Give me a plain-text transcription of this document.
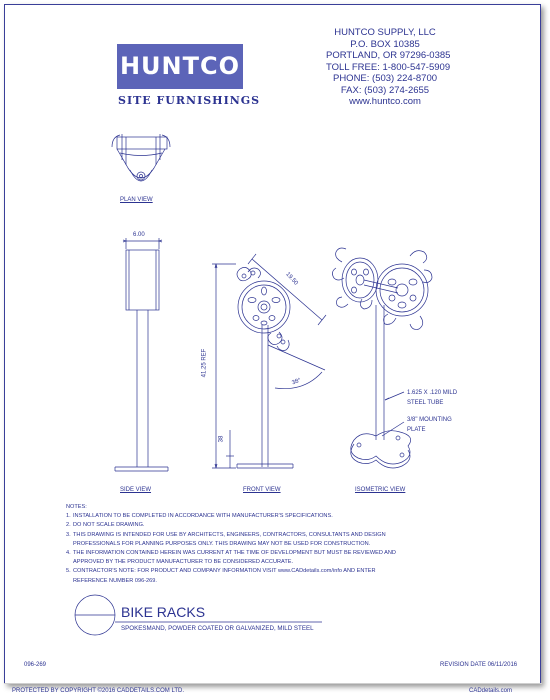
HUNTCO
SITE FURNISHINGS
HUNTCO SUPPLY, LLC
P.O. BOX 10385
PORTLAND, OR 97296-0385
TOLL FREE: 1-800-547-5909
PHONE: (503) 224-8700
FAX: (503) 274-2655
www.huntco.com
PLAN VIEW
SIDE VIEW	FRONT VIEW	ISOMETRIC VIEW
6.00
41.25 REF
38
19.50
38°
1.625 X .120 MILD
STEEL TUBE
3/8" MOUNTING
PLATE
NOTES:
1. INSTALLATION TO BE COMPLETED IN ACCORDANCE WITH MANUFACTURER'S SPECIFICATIONS.
2. DO NOT SCALE DRAWING.
3. THIS DRAWING IS INTENDED FOR USE BY ARCHITECTS, ENGINEERS, CONTRACTORS, CONSULTANTS AND DESIGN
PROFESSIONALS FOR PLANNING PURPOSES ONLY. THIS DRAWING MAY NOT BE USED FOR CONSTRUCTION.
4. THE INFORMATION CONTAINED HEREIN WAS CURRENT AT THE TIME OF DEVELOPMENT BUT MUST BE REVIEWED AND
APPROVED BY THE PRODUCT MANUFACTURER TO BE CONSIDERED ACCURATE.
5. CONTRACTOR'S NOTE: FOR PRODUCT AND COMPANY INFORMATION VISIT www.CADdetails.com/info AND ENTER
REFERENCE NUMBER 096-269.
BIKE RACKS
SPOKESMAND, POWDER COATED OR GALVANIZED, MILD STEEL
096-269	REVISION DATE 06/11/2016
PROTECTED BY COPYRIGHT ©2016 CADDETAILS.COM LTD.	CADdetails.com
